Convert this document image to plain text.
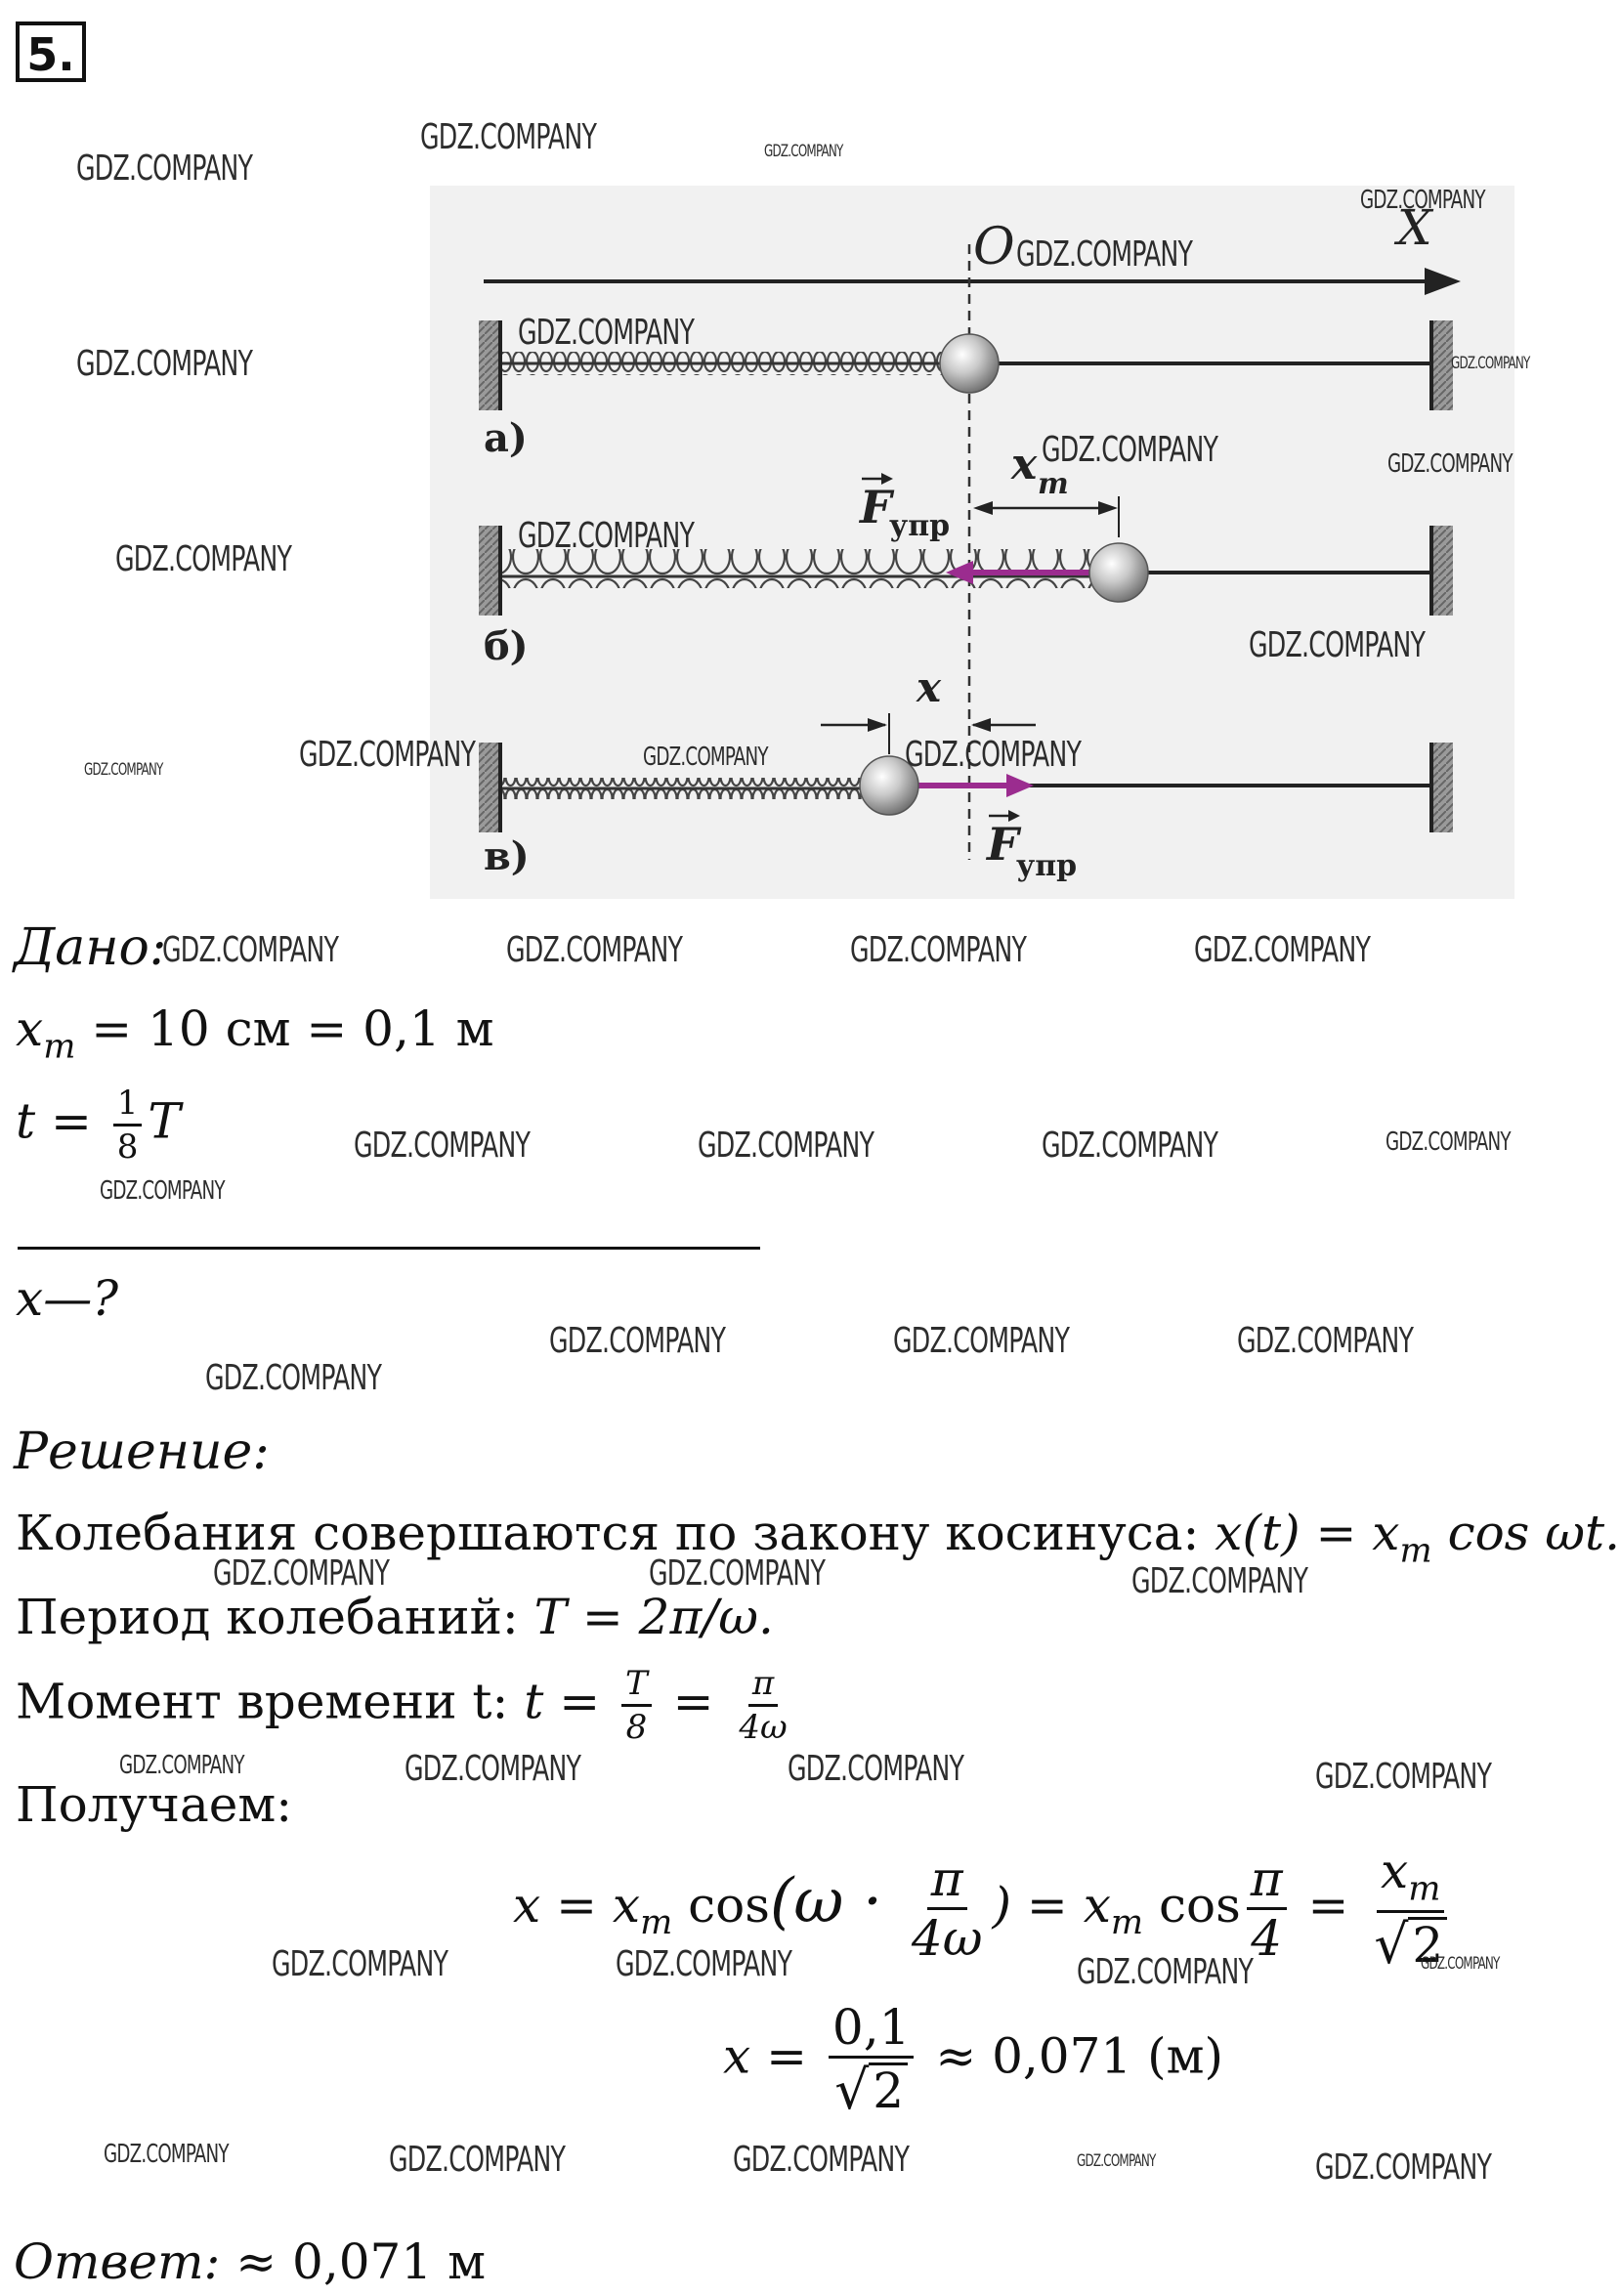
5.
O	X
а)
x m
F
упр
б)
x
F
упр
в)
Дано:
$x_m = 10$ см = 0,1 м
$t = \frac{1}{8}$ T
x—?
Решение:
Колебания совершаются по закону косинуса: $x(t) = x_m$ cos ωt.
Период колебаний: T = 2π/ω.
Момент времени t: $t = \frac{T}{8} = \frac{\pi}{4\omega}$
Получаем:
$x = x_m$ $\cos(\omega \cdot \frac{\pi}{4\omega}$ ) = $x_m$ $\cos \frac{\pi}{4} = \frac{x_m}{√ 2}$
$x = \frac{0,1}{√ 2} \approx 0,071$ (м)
Ответ: ≈ 0,071 м
GDZ.COMPANY
GDZ.COMPANY	GDZ.COMPANY
GDZ.COMPANY
GDZ.COMPANY
GDZ.COMPANY
GDZ.COMPANY
GDZ.COMPANY
GDZ.COMPANY	GDZ.COMPANY
GDZ.COMPANY
GDZ.COMPANY
GDZ.COMPANY
GDZ.COMPANY	GDZ.COMPANY	GDZ.COMPANY	GDZ.COMPANY
GDZ.COMPANY	GDZ.COMPANY	GDZ.COMPANY	GDZ.COMPANY
GDZ.COMPANY	GDZ.COMPANY	GDZ.COMPANY	GDZ.COMPANY
GDZ.COMPANY
GDZ.COMPANY	GDZ.COMPANY	GDZ.COMPANY
GDZ.COMPANY
GDZ.COMPANY	GDZ.COMPANY	GDZ.COMPANY
GDZ.COMPANY	GDZ.COMPANY	GDZ.COMPANY	GDZ.COMPANY
GDZ.COMPANY	GDZ.COMPANY	GDZ.COMPANY	GDZ.COMPANY
GDZ.COMPANY	GDZ.COMPANY	GDZ.COMPANY	GDZ.COMPANY	GDZ.COMPANY
